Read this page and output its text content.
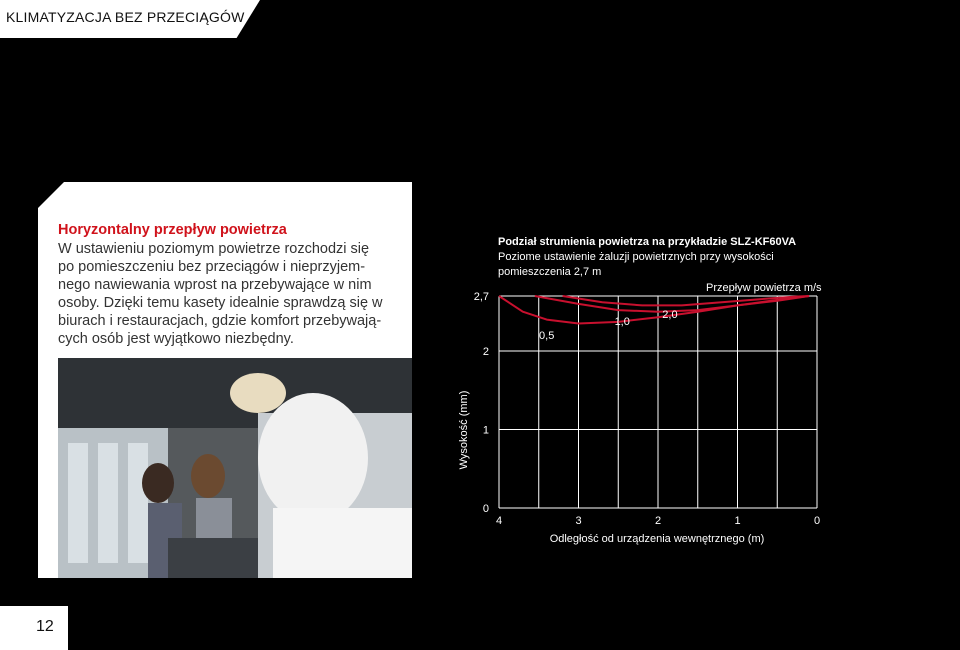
KLIMATYZACJA BEZ PRZECIĄGÓW
Horyzontalny przepływ powietrza
W ustawieniu poziomym powietrze rozchodzi się
po pomieszczeniu bez przeciągów i nieprzyjem-
nego nawiewania wprost na przebywające w nim
osoby. Dzięki temu kasety idealnie sprawdzą się w
biurach i restauracjach, gdzie komfort przebywają-
cych osób jest wyjątkowo niezbędny.
12
Podział strumienia powietrza na przykładzie SLZ-KF60VA
Poziome ustawienie żaluzji powietrznych przy wysokości
pomieszczenia 2,7 m
Przepływ powietrza m/s
Wysokość (mm)
Odległość od urządzenia wewnętrznego (m)
2,7
2
1
0
4	3	2	1	0
0,5
1,0
2,0
